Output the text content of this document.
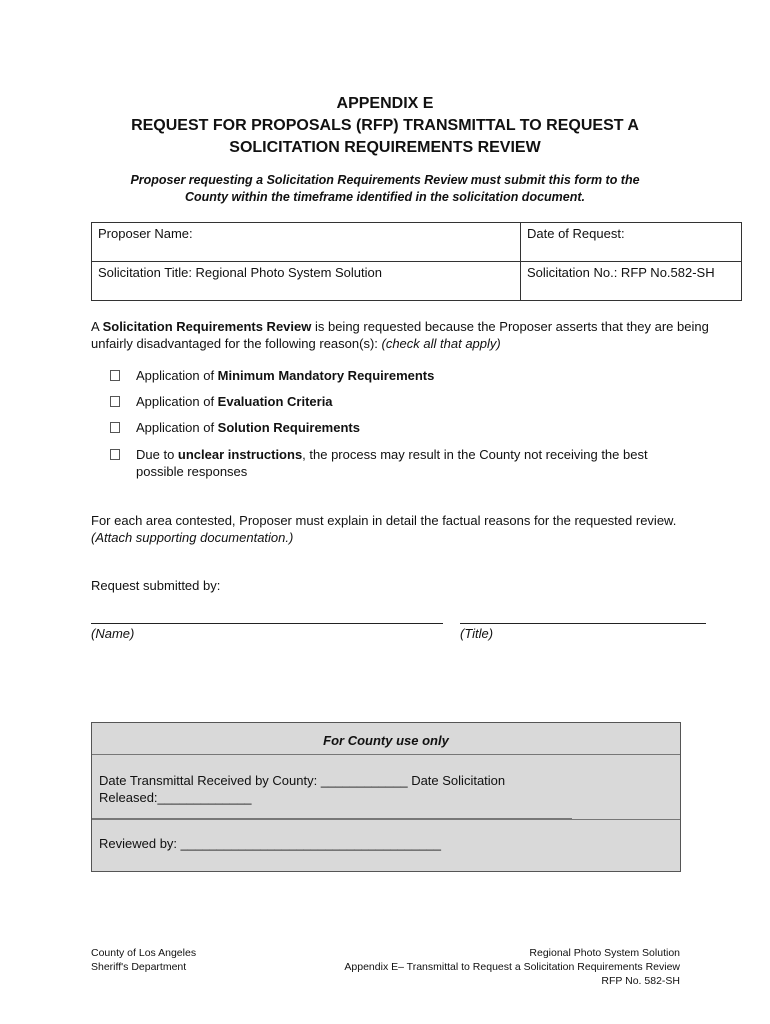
APPENDIX E
REQUEST FOR PROPOSALS (RFP) TRANSMITTAL TO REQUEST A
SOLICITATION REQUIREMENTS REVIEW
Proposer requesting a Solicitation Requirements Review must submit this form to the
County within the timeframe identified in the solicitation document.
Proposer Name:	Date of Request:
Solicitation Title: Regional Photo System Solution	Solicitation No.: RFP No.582-SH
A Solicitation Requirements Review is being requested because the Proposer asserts that they are being unfairly disadvantaged for the following reason(s): (check all that apply)
Application of Minimum Mandatory Requirements
Application of Evaluation Criteria
Application of Solution Requirements
Due to unclear instructions, the process may result in the County not receiving the best possible responses
For each area contested, Proposer must explain in detail the factual reasons for the requested review.
(Attach supporting documentation.)
Request submitted by:
(Name)	(Title)
For County use only
Date Transmittal Received by County: ____________ Date Solicitation Released:_____________
Reviewed by: ____________________________________
County of Los Angeles
Sheriff's Department
Regional Photo System Solution
Appendix E– Transmittal to Request a Solicitation Requirements Review
RFP No. 582-SH
